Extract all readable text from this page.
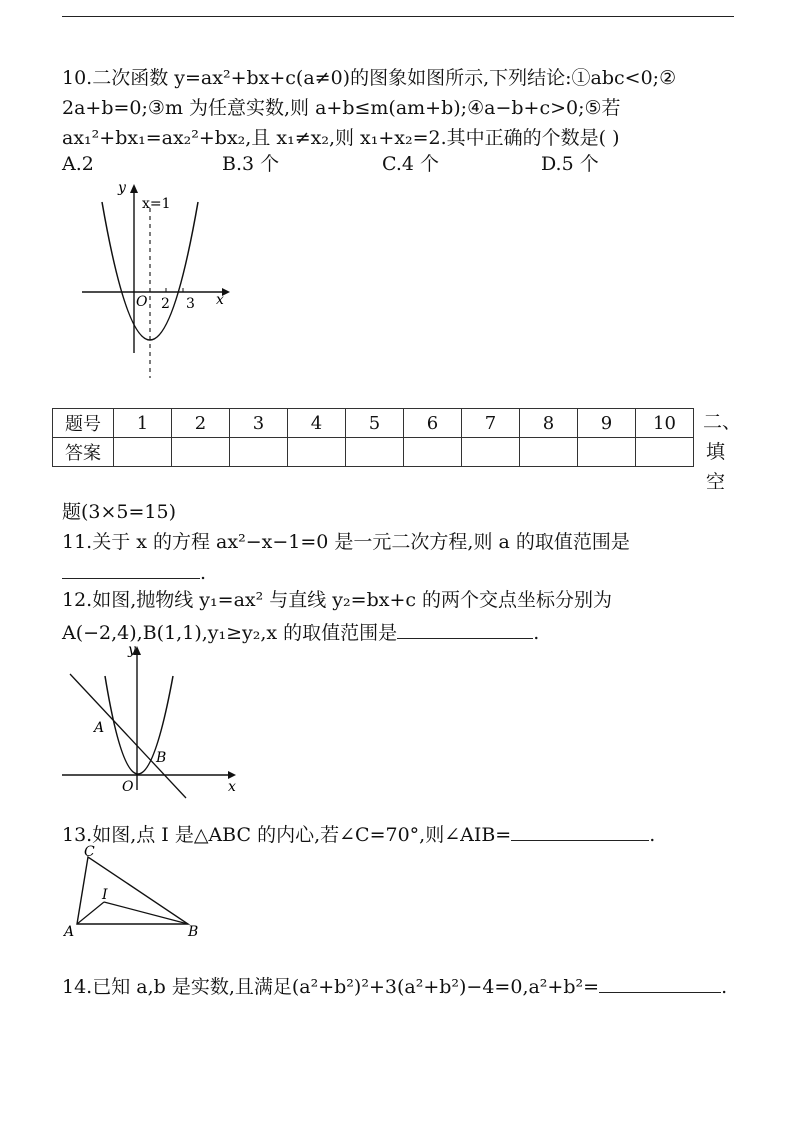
10.二次函数 y=ax²+bx+c(a≠0)的图象如图所示,下列结论:①abc<0;②
2a+b=0;③m 为任意实数,则 a+b≤m(am+b);④a−b+c>0;⑤若
ax₁²+bx₁=ax₂²+bx₂,且 x₁≠x₂,则 x₁+x₂=2.其中正确的个数是( )
A.2	B.3 个	C.4 个	D.5 个
y
x=1
O 2 3 x
题号	1	2	3	4	5	6	7	8	9	10
答案										
二、
填
空
题(3×5=15)
11.关于 x 的方程 ax²−x−1=0 是一元二次方程,则 a 的取值范围是
.
12.如图,抛物线 y₁=ax² 与直线 y₂=bx+c 的两个交点坐标分别为
A(−2,4),B(1,1),y₁≥y₂,x 的取值范围是	.
y
A
B
O	x
13.如图,点 I 是△ABC 的内心,若∠C=70°,则∠AIB=	.
C
I
A	B
14.已知 a,b 是实数,且满足(a²+b²)²+3(a²+b²)−4=0,a²+b²=	.
